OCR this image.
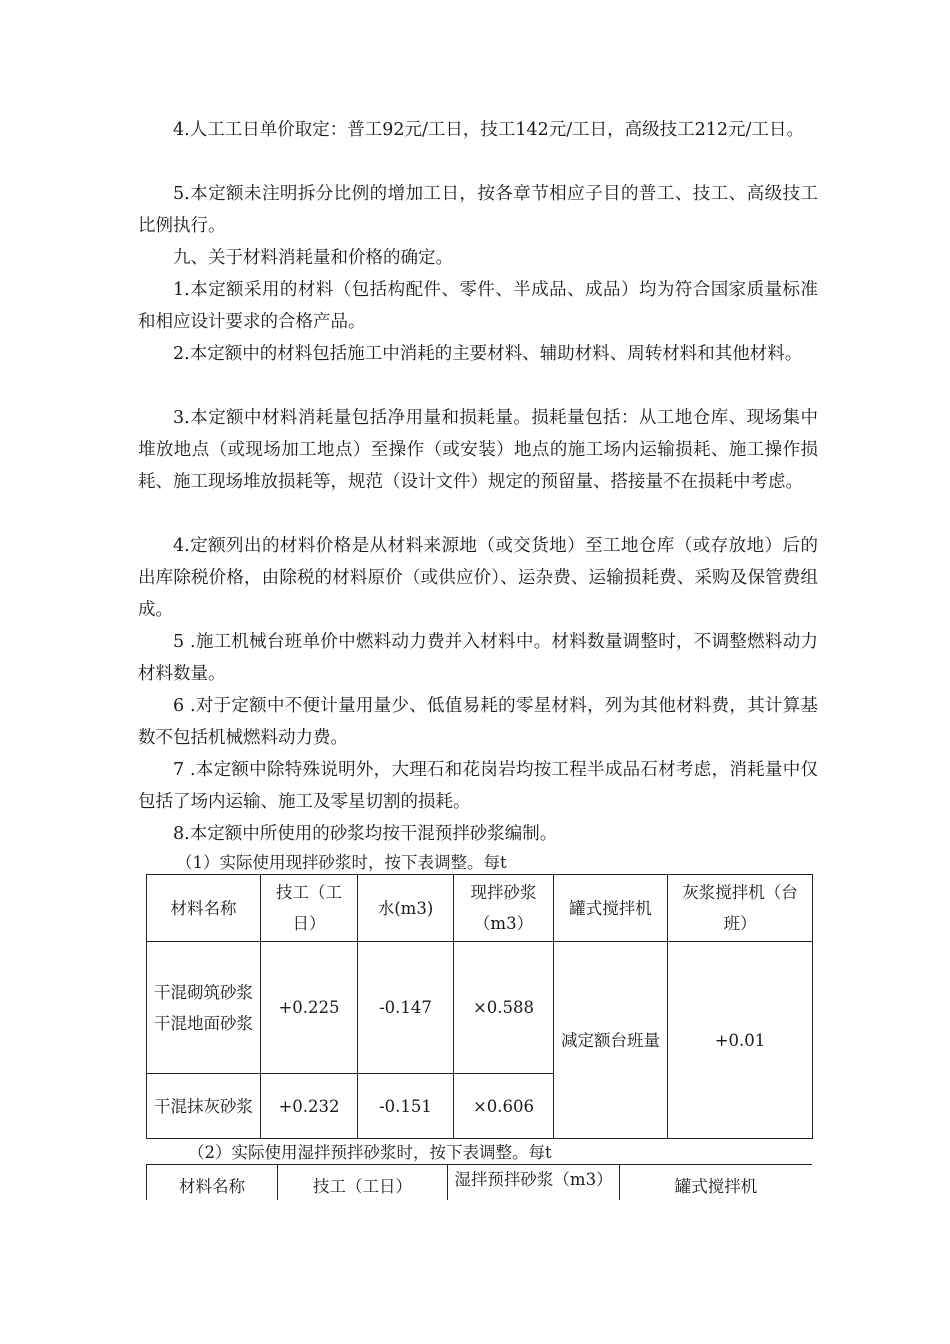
4.人工工日单价取定：普工92元/工日，技工142元/工日，高级技工212元/工日。

5.本定额未注明拆分比例的增加工日，按各章节相应子目的普工、技工、高级技工比例执行。

九、关于材料消耗量和价格的确定。

1.本定额采用的材料（包括构配件、零件、半成品、成品）均为符合国家质量标准和相应设计要求的合格产品。

2.本定额中的材料包括施工中消耗的主要材料、辅助材料、周转材料和其他材料。

3.本定额中材料消耗量包括净用量和损耗量。损耗量包括：从工地仓库、现场集中堆放地点（或现场加工地点）至操作（或安装）地点的施工场内运输损耗、施工操作损耗、施工现场堆放损耗等，规范（设计文件）规定的预留量、搭接量不在损耗中考虑。

4.定额列出的材料价格是从材料来源地（或交货地）至工地仓库（或存放地）后的出库除税价格，由除税的材料原价（或供应价）、运杂费、运输损耗费、采购及保管费组成。

5 .施工机械台班单价中燃料动力费并入材料中。材料数量调整时，不调整燃料动力材料数量。

6 .对于定额中不便计量用量少、低值易耗的零星材料，列为其他材料费，其计算基数不包括机械燃料动力费。

7 .本定额中除特殊说明外，大理石和花岗岩均按工程半成品石材考虑，消耗量中仅包括了场内运输、施工及零星切割的损耗。

8.本定额中所使用的砂浆均按干混预拌砂浆编制。

（1）实际使用现拌砂浆时，按下表调整。每t
材料名称	技工（工日）	水(m3)	现拌砂浆（m3）	罐式搅拌机	灰浆搅拌机（台班）
干混砌筑砂浆干混地面砂浆	+0.225	-0.147	×0.588	减定额台班量	+0.01
干混抹灰砂浆	+0.232	-0.151	×0.606		
（2）实际使用湿拌预拌砂浆时，按下表调整。每t
材料名称	技工（工日）	湿拌预拌砂浆（m3）	罐式搅拌机
